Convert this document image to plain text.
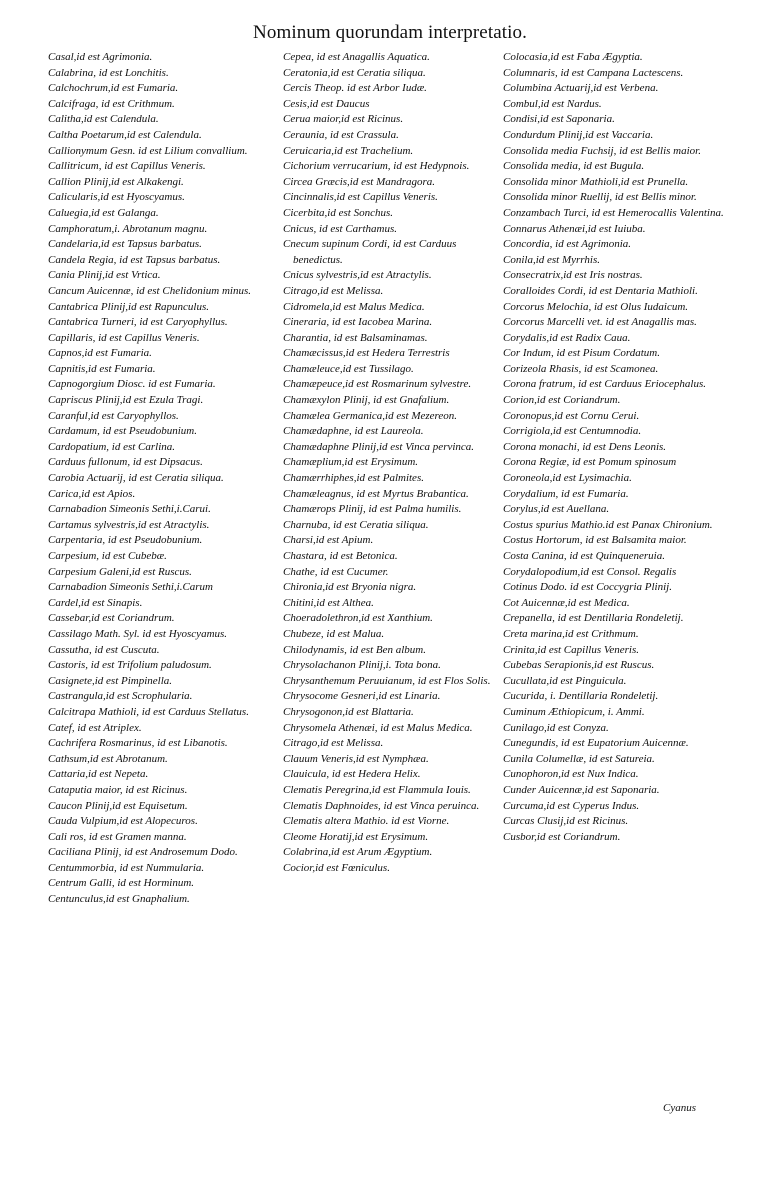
Nominum quorundam interpretatio.

Casal,id est Agrimonia.

Calabrina, id est Lonchitis.

Calchochrum,id est Fumaria.

Calcifraga, id est Crithmum.

Calitha,id est Calendula.

Caltha Poetarum,id est Calendula.

Callionymum Gesn. id est Lilium convallium.

Callitricum, id est Capillus Veneris.

Callion Plinij,id est Alkakengi.

Calicularis,id est Hyoscyamus.

Caluegia,id est Galanga.

Camphoratum,i. Abrotanum magnu.

Candelaria,id est Tapsus barbatus.

Candela Regia, id est Tapsus barbatus.

Cania Plinij,id est Vrtica.

Cancum Auicennæ, id est Chelidonium minus.

Cantabrica Plinij,id est Rapunculus.

Cantabrica Turneri, id est Caryophyllus.

Capillaris, id est Capillus Veneris.

Capnos,id est Fumaria.

Capnitis,id est Fumaria.

Capnogorgium Diosc. id est Fumaria.

Capriscus Plinij,id est Ezula Tragi.

Caranful,id est Caryophyllos.

Cardamum, id est Pseudobunium.

Cardopatium, id est Carlina.

Carduus fullonum, id est Dipsacus.

Carobia Actuarij, id est Ceratia siliqua.

Carica,id est Apios.

Carnabadion Simeonis Sethi,i.Carui.

Cartamus sylvestris,id est Atractylis.

Carpentaria, id est Pseudobunium.

Carpesium, id est Cubebæ.

Carpesium Galeni,id est Ruscus.

Carnabadion Simeonis Sethi,i.Carum

Cardel,id est Sinapis.

Cassebar,id est Coriandrum.

Cassilago Math. Syl. id est Hyoscyamus.

Cassutha, id est Cuscuta.

Castoris, id est Trifolium paludosum.

Casignete,id est Pimpinella.

Castrangula,id est Scrophularia.

Calcitrapa Mathioli, id est Carduus Stellatus.

Catef, id est Atriplex.

Cachrifera Rosmarinus, id est Libanotis.

Cathsum,id est Abrotanum.

Cattaria,id est Nepeta.

Cataputia maior, id est Ricinus.

Caucon Plinij,id est Equisetum.

Cauda Vulpium,id est Alopecuros.

Cali ros, id est Gramen manna.

Caciliana Plinij, id est Androsemum Dodo.

Centummorbia, id est Nummularia.

Centrum Galli, id est Horminum.

Centunculus,id est Gnaphalium.

Cepea, id est Anagallis Aquatica.

Ceratonia,id est Ceratia siliqua.

Cercis Theop. id est Arbor Iudæ.

Cesis,id est Daucus

Cerua maior,id est Ricinus.

Ceraunia, id est Crassula.

Ceruicaria,id est Trachelium.

Cichorium verrucarium, id est Hedypnois.

Circea Græcis,id est Mandragora.

Cincinnalis,id est Capillus Veneris.

Cicerbita,id est Sonchus.

Cnicus, id est Carthamus.

Cnecum supinum Cordi, id est Carduus benedictus.

Cnicus sylvestris,id est Atractylis.

Citrago,id est Melissa.

Cidromela,id est Malus Medica.

Cineraria, id est Iacobea Marina.

Charantia, id est Balsaminamas.

Chamæcissus,id est Hedera Terrestris

Chamæleuce,id est Tussilago.

Chamæpeuce,id est Rosmarinum sylvestre.

Chamæxylon Plinij, id est Gnafalium.

Chamælea Germanica,id est Mezereon.

Chamædaphne, id est Laureola.

Chamædaphne Plinij,id est Vinca pervinca.

Chamæplium,id est Erysimum.

Chamærrhiphes,id est Palmites.

Chamæleagnus, id est Myrtus Brabantica.

Chamærops Plinij, id est Palma humilis.

Charnuba, id est Ceratia siliqua.

Charsi,id est Apium.

Chastara, id est Betonica.

Chathe, id est Cucumer.

Chironia,id est Bryonia nigra.

Chitini,id est Althea.

Choeradolethron,id est Xanthium.

Chubeze, id est Malua.

Chilodynamis, id est Ben album.

Chrysolachanon Plinij,i. Tota bona.

Chrysanthemum Peruuianum, id est Flos Solis.

Chrysocome Gesneri,id est Linaria.

Chrysogonon,id est Blattaria.

Chrysomela Athenæi, id est Malus Medica.

Citrago,id est Melissa.

Clauum Veneris,id est Nymphæa.

Clauicula, id est Hedera Helix.

Clematis Peregrina,id est Flammula Iouis.

Clematis Daphnoides, id est Vinca peruinca.

Clematis altera Mathio. id est Viorne.

Cleome Horatij,id est Erysimum.

Colabrina,id est Arum Ægyptium.

Cocior,id est Fœniculus.

Colocasia,id est Faba Ægyptia.

Columnaris, id est Campana Lactescens.

Columbina Actuarij,id est Verbena.

Combul,id est Nardus.

Condisi,id est Saponaria.

Condurdum Plinij,id est Vaccaria.

Consolida media Fuchsij, id est Bellis maior.

Consolida media, id est Bugula.

Consolida minor Mathioli,id est Prunella.

Consolida minor Ruellij, id est Bellis minor.

Conzambach Turci, id est Hemerocallis Valentina.

Connarus Athenæi,id est Iuiuba.

Concordia, id est Agrimonia.

Conila,id est Myrrhis.

Consecratrix,id est Iris nostras.

Coralloides Cordi, id est Dentaria Mathioli.

Corcorus Melochia, id est Olus Iudaicum.

Corcorus Marcelli vet. id est Anagallis mas.

Corydalis,id est Radix Caua.

Cor Indum, id est Pisum Cordatum.

Corizeola Rhasis, id est Scamonea.

Corona fratrum, id est Carduus Eriocephalus.

Corion,id est Coriandrum.

Coronopus,id est Cornu Cerui.

Corrigiola,id est Centumnodia.

Corona monachi, id est Dens Leonis.

Corona Regiæ, id est Pomum spinosum

Coroneola,id est Lysimachia.

Corydalium, id est Fumaria.

Corylus,id est Auellana.

Costus spurius Mathio.id est Panax Chironium.

Costus Hortorum, id est Balsamita maior.

Costa Canina, id est Quinqueneruia.

Corydalopodium,id est Consol. Regalis

Cotinus Dodo. id est Coccygria Plinij.

Cot Auicennæ,id est Medica.

Crepanella, id est Dentillaria Rondeletij.

Creta marina,id est Crithmum.

Crinita,id est Capillus Veneris.

Cubebas Serapionis,id est Ruscus.

Cucullata,id est Pinguicula.

Cucurida, i. Dentillaria Rondeletij.

Cuminum Æthiopicum, i. Ammi.

Cunilago,id est Conyza.

Cunegundis, id est Eupatorium Auicennæ.

Cunila Columellæ, id est Satureia.

Cunophoron,id est Nux Indica.

Cunder Auicennæ,id est Saponaria.

Curcuma,id est Cyperus Indus.

Curcas Clusij,id est Ricinus.

Cusbor,id est Coriandrum.

Cyanus
